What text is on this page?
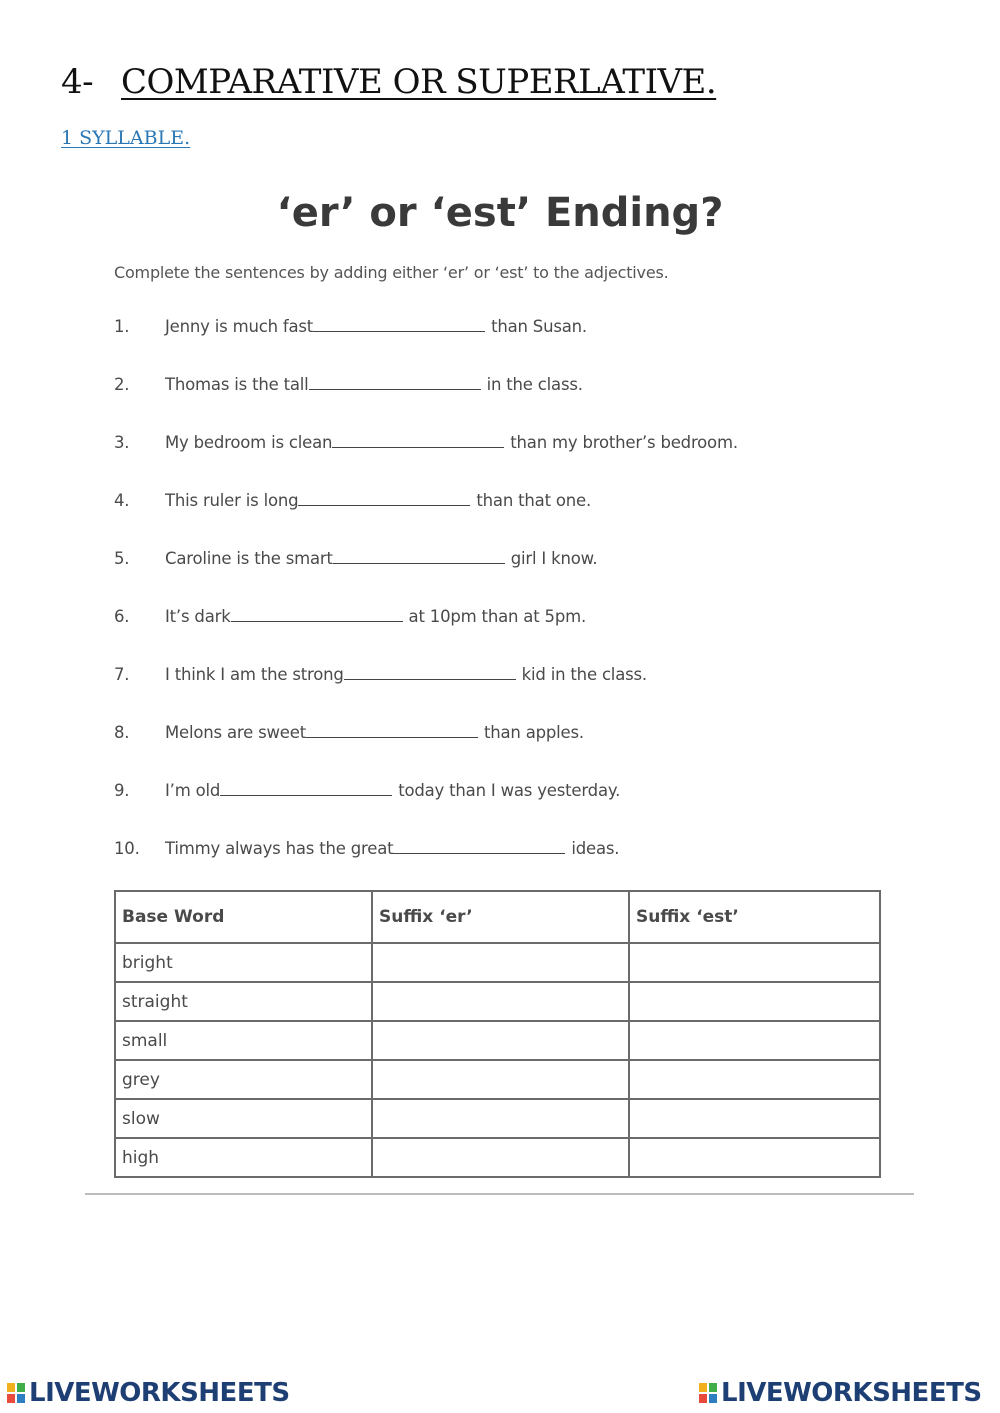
4- COMPARATIVE OR SUPERLATIVE.
1 SYLLABLE.
‘er’ or ‘est’ Ending?
Complete the sentences by adding either ‘er’ or ‘est’ to the adjectives.
1. Jenny is much fast	than Susan.
2. Thomas is the tall	in the class.
3. My bedroom is clean	than my brother’s bedroom.
4. This ruler is long	than that one.
5. Caroline is the smart	girl I know.
6. It’s dark	at 10pm than at 5pm.
7. I think I am the strong	kid in the class.
8. Melons are sweet	than apples.
9. I’m old	today than I was yesterday.
10. Timmy always has the great	ideas.
Base Word	Suffix ‘er’	Suffix ‘est’
bright		
straight		
small		
grey		
slow		
high		
LIVEWORKSHEETS	LIVEWORKSHEETS
